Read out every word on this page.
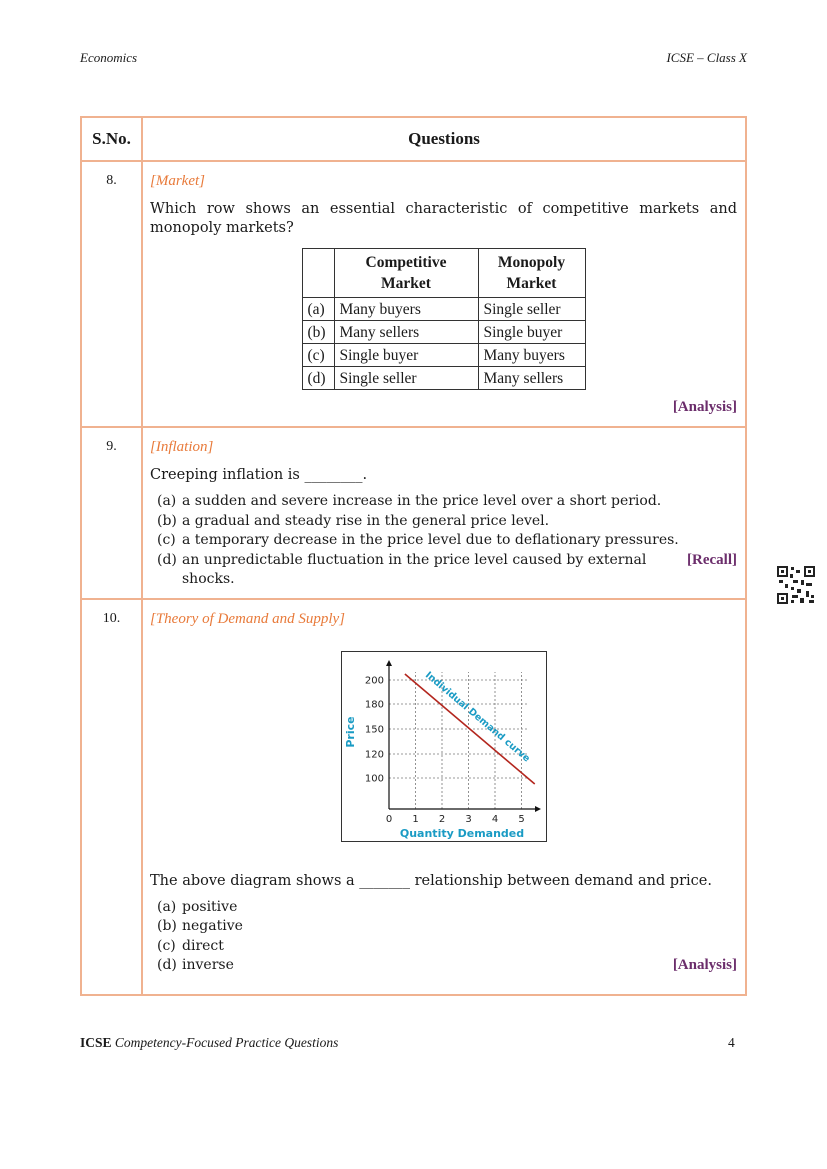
Economics	ICSE – Class X
S.No.	Questions
8.	[Market]
Which row shows an essential characteristic of competitive markets and monopoly markets?
	Competitive Market	Monopoly Market
(a)	Many buyers	Single seller
(b)	Many sellers	Single buyer
(c)	Single buyer	Many buyers
(d)	Single seller	Many sellers
[Analysis]

9.	[Inflation]
Creeping inflation is ________.
(a) a sudden and severe increase in the price level over a short period.
(b) a gradual and steady rise in the general price level.
(c) a temporary decrease in the price level due to deflationary pressures.
(d) an unpredictable fluctuation in the price level caused by external shocks.
[Recall]

10.	[Theory of Demand and Supply]
0 1 2 3 4 5
100
120
150
180
200
Quantity Demanded
Price	Individual Demand curve
The above diagram shows a _______ relationship between demand and price.
(a) positive
(b) negative
(c) direct
(d) inverse	[Analysis]
ICSE Competency-Focused Practice Questions	4
